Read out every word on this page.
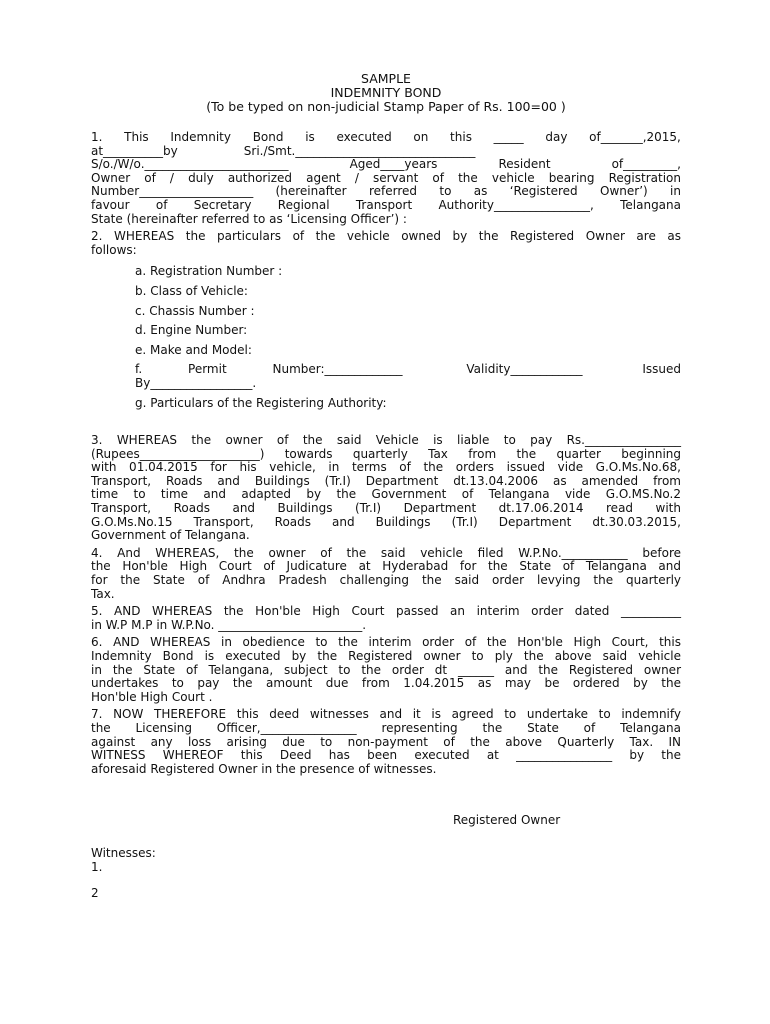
SAMPLE
INDEMNITY BOND
(To be typed on non-judicial Stamp Paper of Rs. 100=00 )
1. This Indemnity Bond is executed on this _____ day of_______,2015,
at__________by	Sri./Smt.______________________________
S/o./W/o.________________________	Aged____years	Resident	of_________,
Owner of / duly authorized agent / servant of the vehicle bearing Registration
Number___________________ (hereinafter referred to as ‘Registered Owner’) in
favour of Secretary Regional Transport Authority________________, Telangana
State (hereinafter referred to as ‘Licensing Officer’) :
2. WHEREAS the particulars of the vehicle owned by the Registered Owner are as
follows:
a. Registration Number :
b. Class of Vehicle:
c. Chassis Number :
d. Engine Number:
e. Make and Model:
f.	Permit	Number:_____________	Validity____________	Issued
By_________________.
g. Particulars of the Registering Authority:
3. WHEREAS the owner of the said Vehicle is liable to pay Rs.________________
(Rupees____________________) towards quarterly Tax from the quarter beginning
with 01.04.2015 for his vehicle, in terms of the orders issued vide G.O.Ms.No.68,
Transport, Roads and Buildings (Tr.I) Department dt.13.04.2006 as amended from
time to time and adapted by the Government of Telangana vide G.O.MS.No.2
Transport, Roads and Buildings (Tr.I) Department dt.17.06.2014 read with
G.O.Ms.No.15 Transport, Roads and Buildings (Tr.I) Department dt.30.03.2015,
Government of Telangana.
4. And WHEREAS, the owner of the said vehicle filed W.P.No.___________ before
the Hon'ble High Court of Judicature at Hyderabad for the State of Telangana and
for the State of Andhra Pradesh challenging the said order levying the quarterly
Tax.
5. AND WHEREAS the Hon'ble High Court passed an interim order dated __________
in W.P M.P in W.P.No. ________________________.
6. AND WHEREAS in obedience to the interim order of the Hon'ble High Court, this
Indemnity Bond is executed by the Registered owner to ply the above said vehicle
in the State of Telangana, subject to the order dt ______ and the Registered owner
undertakes to pay the amount due from 1.04.2015 as may be ordered by the
Hon'ble High Court .
7. NOW THEREFORE this deed witnesses and it is agreed to undertake to indemnify
the Licensing Officer,________________ representing the State of Telangana
against any loss arising due to non-payment of the above Quarterly Tax. IN
WITNESS WHEREOF this Deed has been executed at ________________ by the
aforesaid Registered Owner in the presence of witnesses.
Registered Owner
Witnesses:
1.
2
